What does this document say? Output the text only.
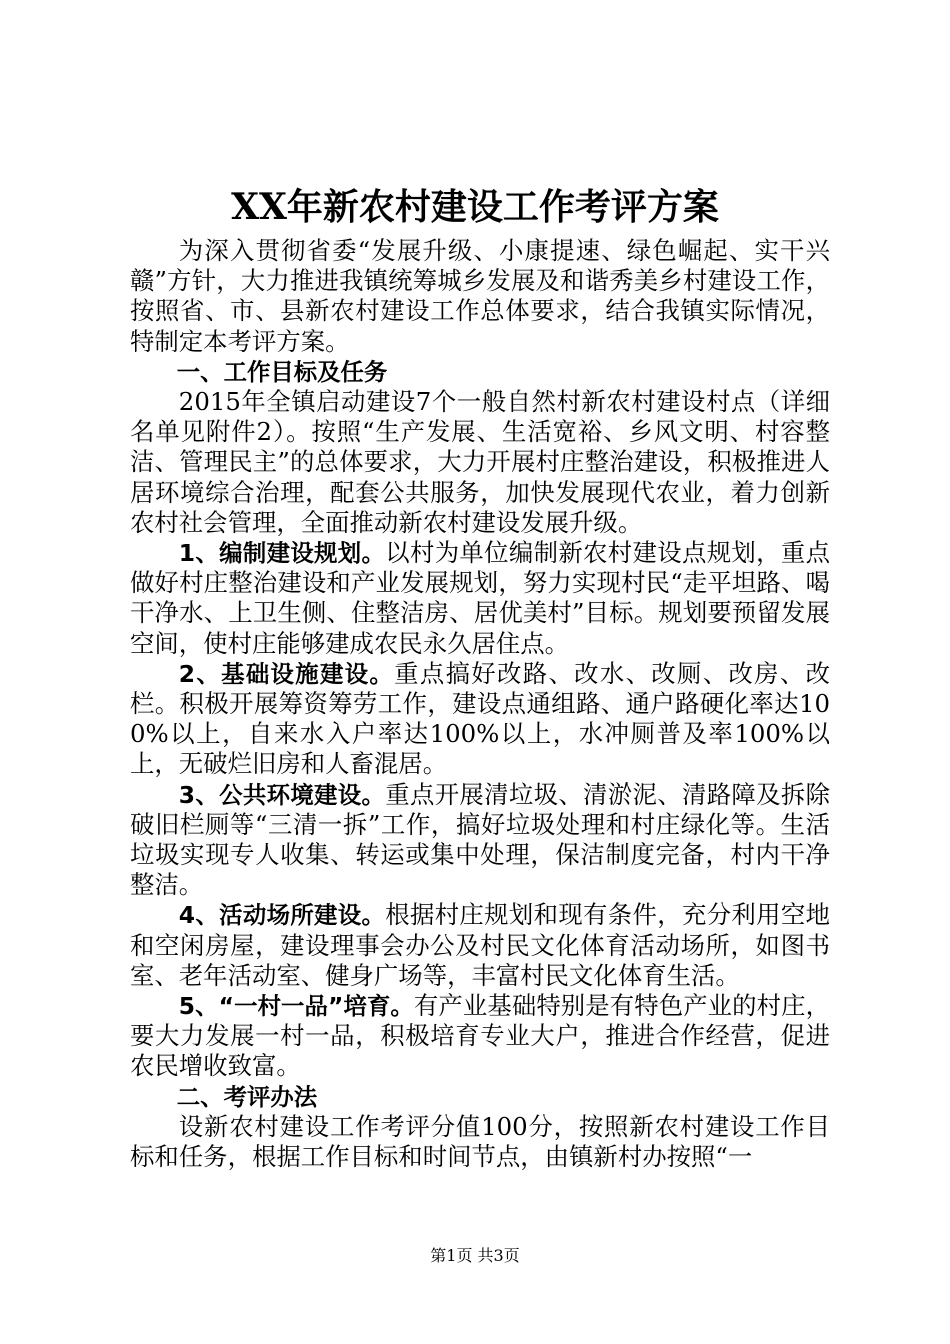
XX年新农村建设工作考评方案

为深入贯彻省委“发展升级、小康提速、绿色崛起、实干兴赣”方针，大力推进我镇统筹城乡发展及和谐秀美乡村建设工作，按照省、市、县新农村建设工作总体要求，结合我镇实际情况，特制定本考评方案。

一、工作目标及任务

2015年全镇启动建设7个一般自然村新农村建设村点（详细名单见附件2）。按照“生产发展、生活宽裕、乡风文明、村容整洁、管理民主”的总体要求，大力开展村庄整治建设，积极推进人居环境综合治理，配套公共服务，加快发展现代农业，着力创新农村社会管理，全面推动新农村建设发展升级。

1、编制建设规划。以村为单位编制新农村建设点规划，重点做好村庄整治建设和产业发展规划，努力实现村民“走平坦路、喝干净水、上卫生侧、住整洁房、居优美村”目标。规划要预留发展空间，使村庄能够建成农民永久居住点。

2、基础设施建设。重点搞好改路、改水、改厕、改房、改栏。积极开展筹资筹劳工作，建设点通组路、通户路硬化率达100%以上，自来水入户率达100%以上，水冲厕普及率100%以上，无破烂旧房和人畜混居。

3、公共环境建设。重点开展清垃圾、清淤泥、清路障及拆除破旧栏厕等“三清一拆”工作，搞好垃圾处理和村庄绿化等。生活垃圾实现专人收集、转运或集中处理，保洁制度完备，村内干净整洁。

4、活动场所建设。根据村庄规划和现有条件，充分利用空地和空闲房屋，建设理事会办公及村民文化体育活动场所，如图书室、老年活动室、健身广场等，丰富村民文化体育生活。

5、“一村一品”培育。有产业基础特别是有特色产业的村庄，要大力发展一村一品，积极培育专业大户，推进合作经营，促进农民增收致富。

二、考评办法

设新农村建设工作考评分值100分，按照新农村建设工作目标和任务，根据工作目标和时间节点，由镇新村办按照“一

第1页 共3页
